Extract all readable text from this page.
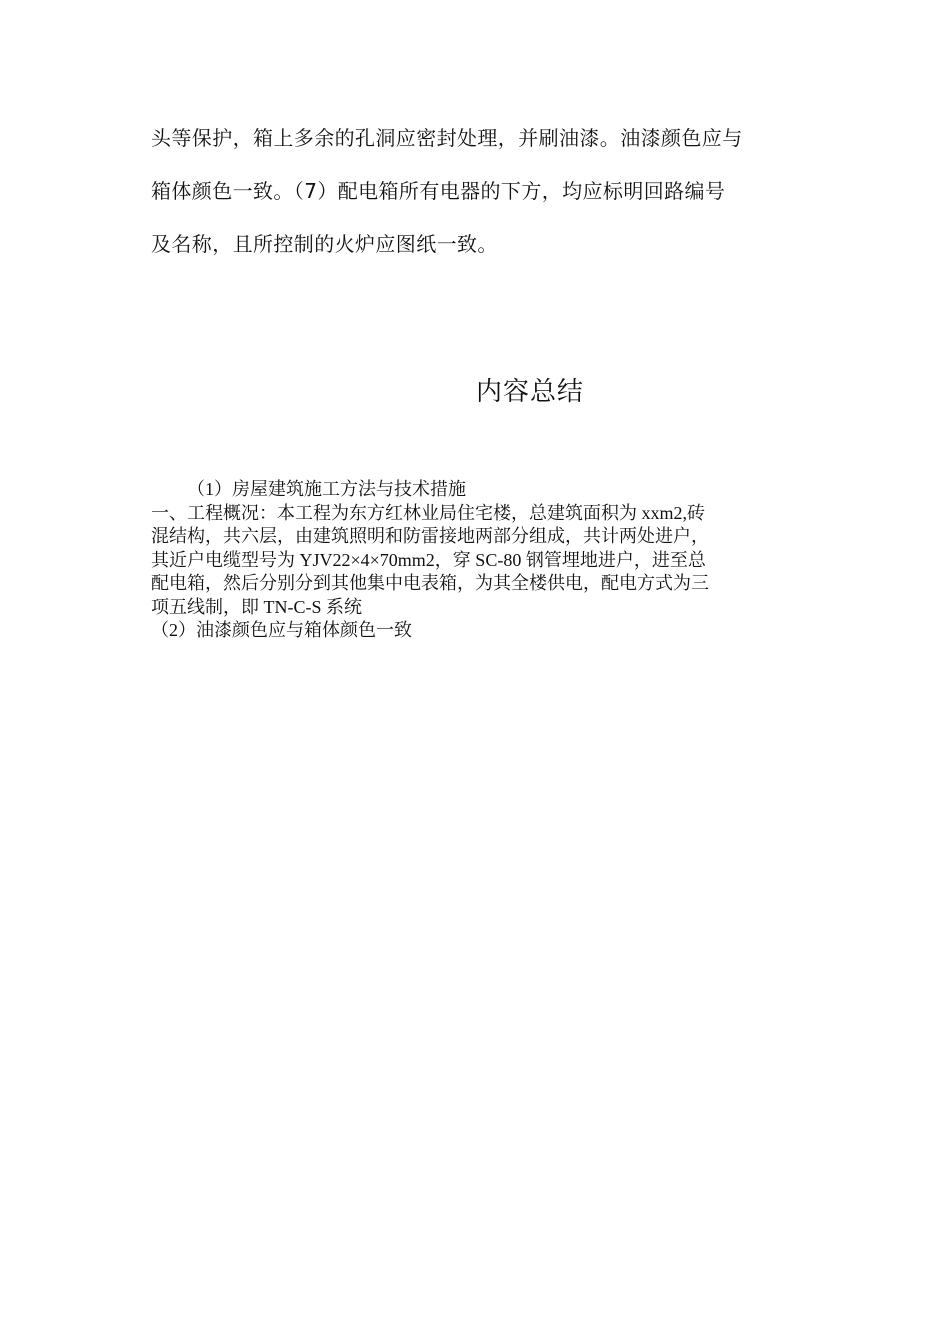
头等保护，箱上多余的孔洞应密封处理，并刷油漆。油漆颜色应与
箱体颜色一致。（7）配电箱所有电器的下方，均应标明回路编号
及名称，且所控制的火炉应图纸一致。
内容总结
（1）房屋建筑施工方法与技术措施
一、工程概况：本工程为东方红林业局住宅楼，总建筑面积为 xxm2,砖
混结构，共六层，由建筑照明和防雷接地两部分组成，共计两处进户，
其近户电缆型号为 YJV22×4×70mm2，穿 SC-80 钢管埋地进户，进至总
配电箱，然后分别分到其他集中电表箱，为其全楼供电，配电方式为三
项五线制，即 TN-C-S 系统
（2）油漆颜色应与箱体颜色一致
